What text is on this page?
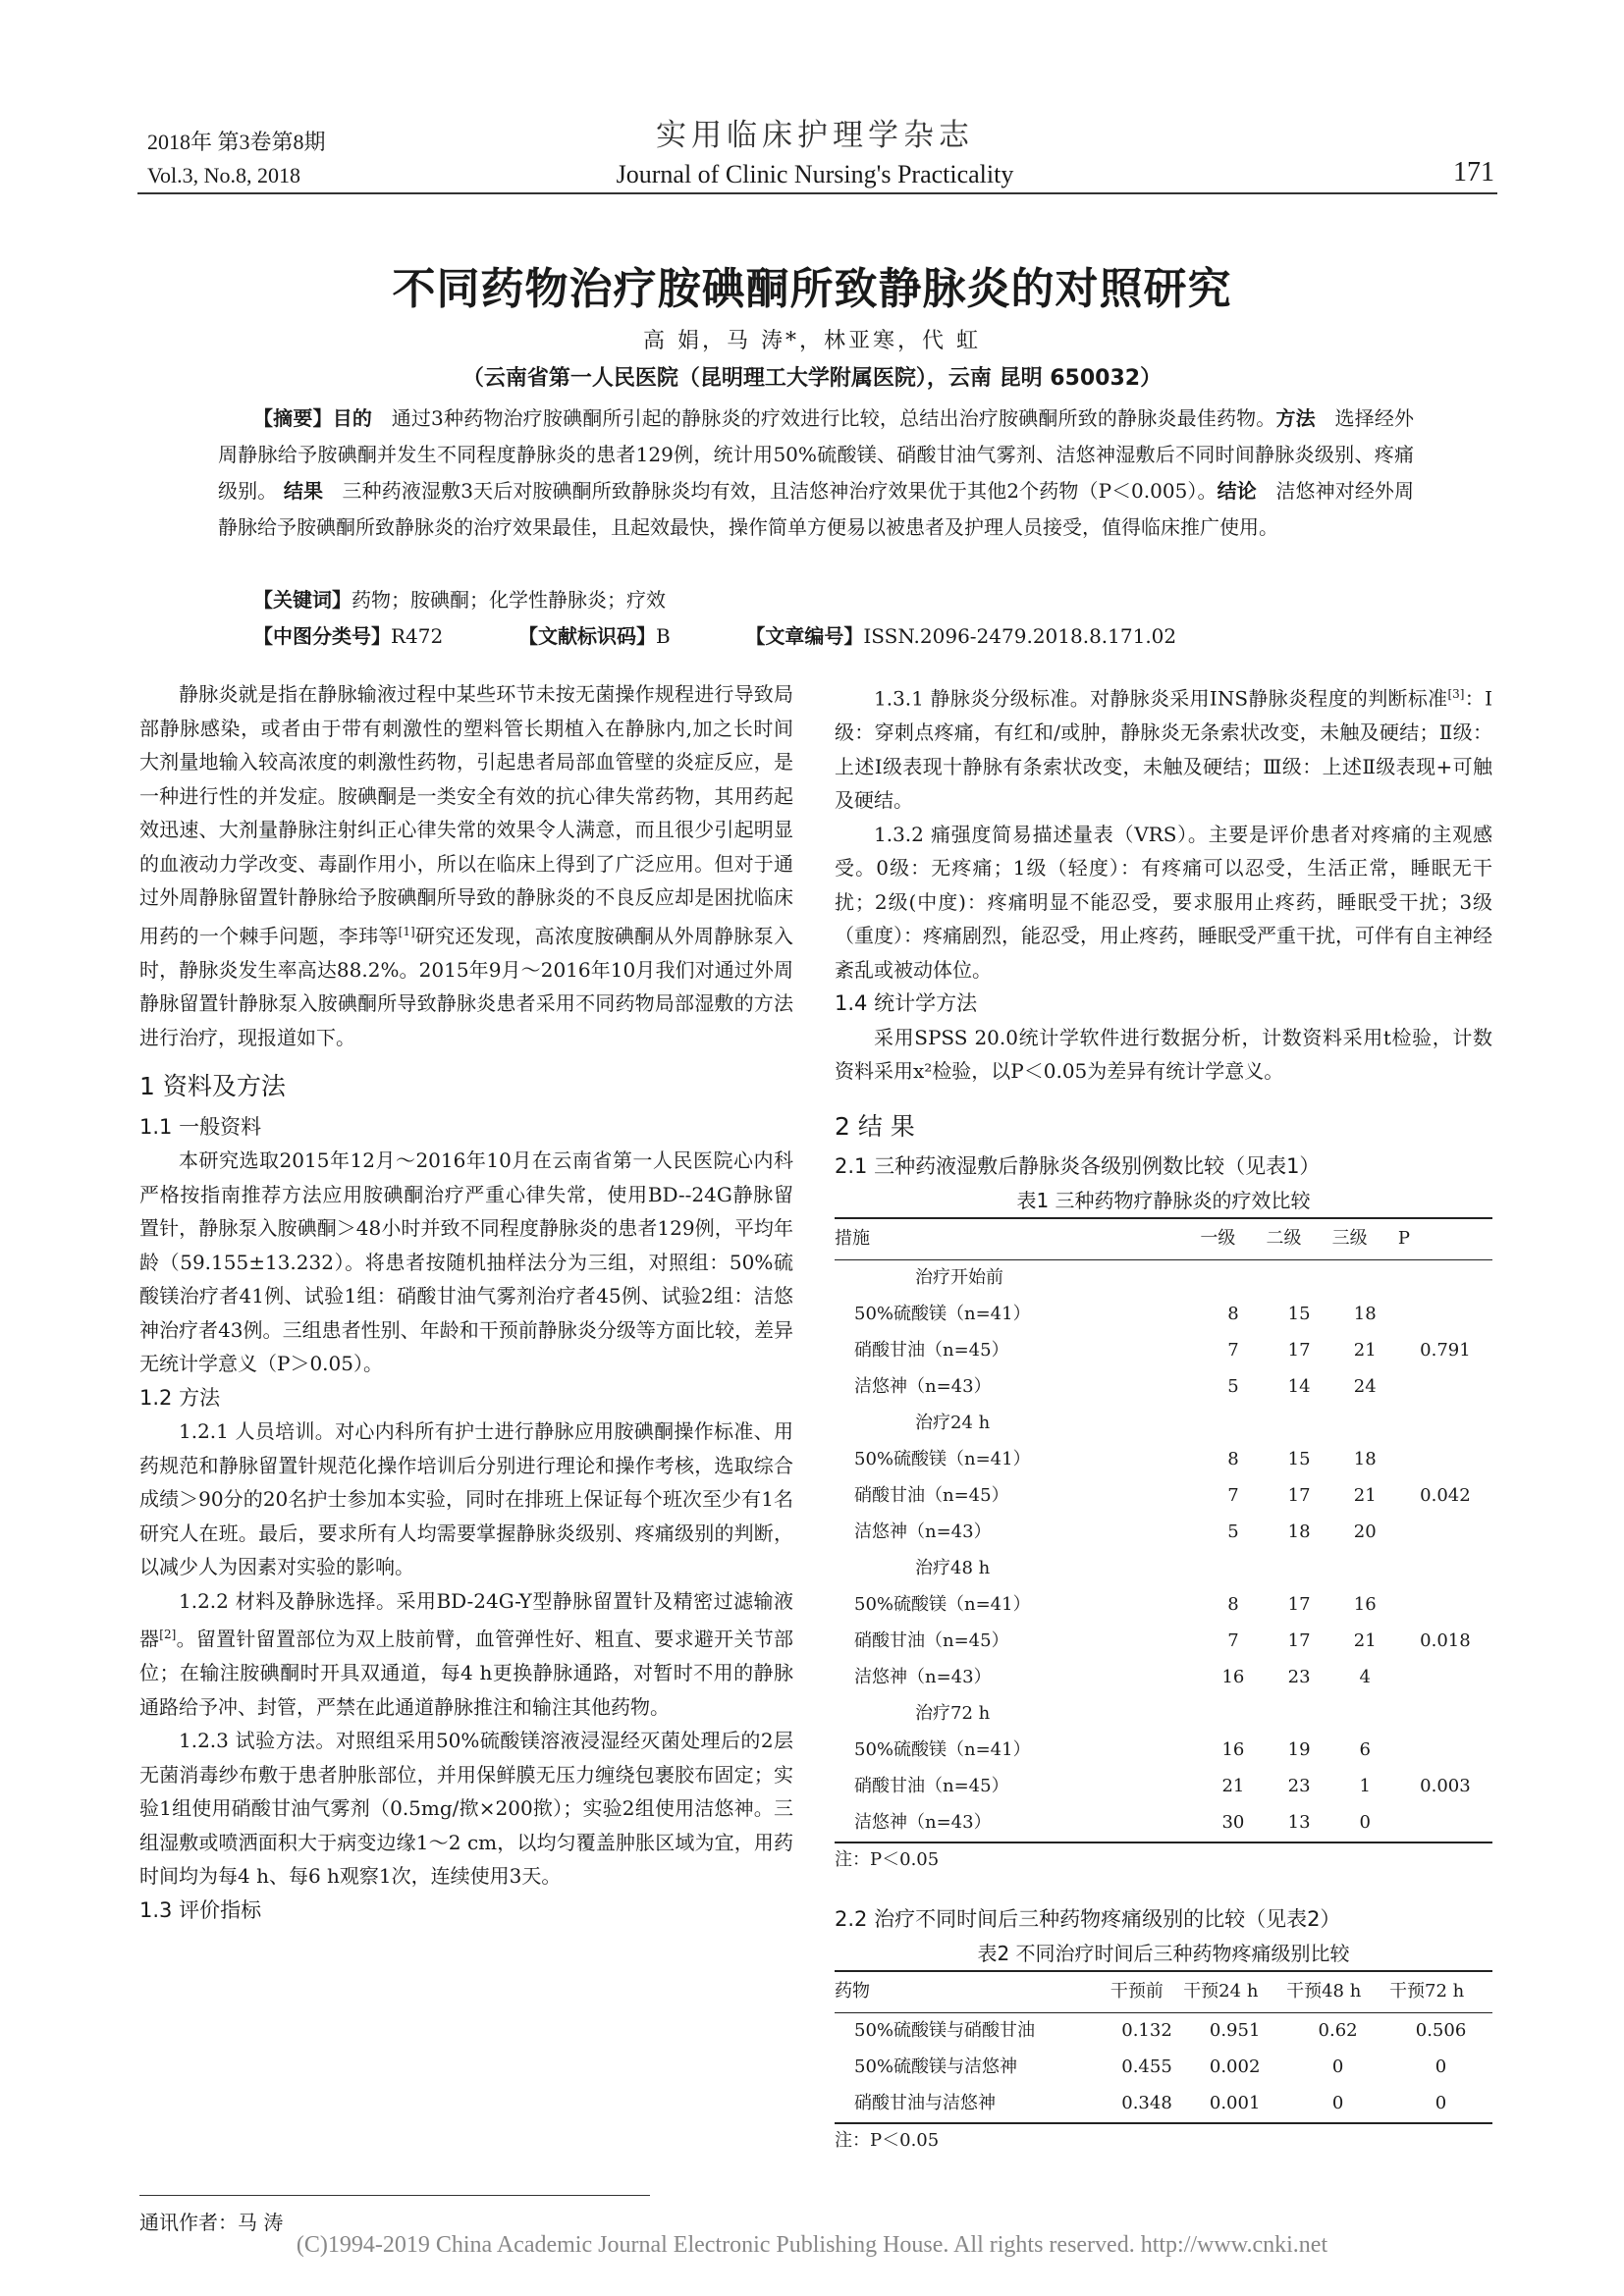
2018年 第3卷第8期
Vol.3, No.8, 2018
实用临床护理学杂志
Journal of Clinic Nursing's Practicality	171
不同药物治疗胺碘酮所致静脉炎的对照研究
高 娟，马 涛*，林亚寒，代 虹
（云南省第一人民医院（昆明理工大学附属医院），云南 昆明 650032）
【摘要】目的 通过3种药物治疗胺碘酮所引起的静脉炎的疗效进行比较，总结出治疗胺碘酮所致的静脉炎最佳药物。方法 选择经外周静脉给予胺碘酮并发生不同程度静脉炎的患者129例，统计用50%硫酸镁、硝酸甘油气雾剂、洁悠神湿敷后不同时间静脉炎级别、疼痛级别。 结果 三种药液湿敷3天后对胺碘酮所致静脉炎均有效，且洁悠神治疗效果优于其他2个药物（P＜0.005）。结论 洁悠神对经外周静脉给予胺碘酮所致静脉炎的治疗效果最佳，且起效最快，操作简单方便易以被患者及护理人员接受，值得临床推广使用。
【关键词】药物；胺碘酮；化学性静脉炎；疗效
【中图分类号】R472	【文献标识码】B	【文章编号】ISSN.2096-2479.2018.8.171.02

静脉炎就是指在静脉输液过程中某些环节未按无菌操作规程进行导致局部静脉感染，或者由于带有刺激性的塑料管长期植入在静脉内,加之长时间大剂量地输入较高浓度的刺激性药物，引起患者局部血管壁的炎症反应，是一种进行性的并发症。胺碘酮是一类安全有效的抗心律失常药物，其用药起效迅速、大剂量静脉注射纠正心律失常的效果令人满意，而且很少引起明显的血液动力学改变、毒副作用小，所以在临床上得到了广泛应用。但对于通过外周静脉留置针静脉给予胺碘酮所导致的静脉炎的不良反应却是困扰临床用药的一个棘手问题，李玮等[1]研究还发现，高浓度胺碘酮从外周静脉泵入时，静脉炎发生率高达88.2%。2015年9月～2016年10月我们对通过外周静脉留置针静脉泵入胺碘酮所导致静脉炎患者采用不同药物局部湿敷的方法进行治疗，现报道如下。

1 资料及方法
1.1 一般资料

本研究选取2015年12月～2016年10月在云南省第一人民医院心内科严格按指南推荐方法应用胺碘酮治疗严重心律失常，使用BD--24G静脉留置针，静脉泵入胺碘酮＞48小时并致不同程度静脉炎的患者129例，平均年龄（59.155±13.232）。将患者按随机抽样法分为三组，对照组：50%硫酸镁治疗者41例、试验1组：硝酸甘油气雾剂治疗者45例、试验2组：洁悠神治疗者43例。三组患者性别、年龄和干预前静脉炎分级等方面比较，差异无统计学意义（P＞0.05）。

1.2 方法

1.2.1 人员培训。对心内科所有护士进行静脉应用胺碘酮操作标准、用药规范和静脉留置针规范化操作培训后分别进行理论和操作考核，选取综合成绩＞90分的20名护士参加本实验，同时在排班上保证每个班次至少有1名研究人在班。最后，要求所有人均需要掌握静脉炎级别、疼痛级别的判断，以减少人为因素对实验的影响。

1.2.2 材料及静脉选择。采用BD-24G-Y型静脉留置针及精密过滤输液器[2]。留置针留置部位为双上肢前臂，血管弹性好、粗直、要求避开关节部位；在输注胺碘酮时开具双通道，每4 h更换静脉通路，对暂时不用的静脉通路给予冲、封管，严禁在此通道静脉推注和输注其他药物。

1.2.3 试验方法。对照组采用50%硫酸镁溶液浸湿经灭菌处理后的2层无菌消毒纱布敷于患者肿胀部位，并用保鲜膜无压力缠绕包裹胶布固定；实验1组使用硝酸甘油气雾剂（0.5mg/揿×200揿）；实验2组使用洁悠神。三组湿敷或喷洒面积大于病变边缘1～2 cm，以均匀覆盖肿胀区域为宜，用药时间均为每4 h、每6 h观察1次，连续使用3天。

1.3 评价指标

1.3.1 静脉炎分级标准。对静脉炎采用INS静脉炎程度的判断标准[3]：Ⅰ级：穿刺点疼痛，有红和/或肿，静脉炎无条索状改变，未触及硬结；Ⅱ级：上述Ⅰ级表现十静脉有条索状改变，未触及硬结；Ⅲ级：上述Ⅱ级表现+可触及硬结。

1.3.2 痛强度简易描述量表（VRS）。主要是评价患者对疼痛的主观感受。0级：无疼痛；1级（轻度）：有疼痛可以忍受，生活正常，睡眠无干扰；2级(中度)：疼痛明显不能忍受，要求服用止疼药，睡眠受干扰；3级（重度）：疼痛剧烈，能忍受，用止疼药，睡眠受严重干扰，可伴有自主神经紊乱或被动体位。

1.4 统计学方法

采用SPSS 20.0统计学软件进行数据分析，计数资料采用t检验，计数资料采用x²检验，以P＜0.05为差异有统计学意义。

2 结 果
2.1 三种药液湿敷后静脉炎各级别例数比较（见表1）
表1 三种药物疗静脉炎的疗效比较
措施	一级	二级	三级	P
治疗开始前				
50%硫酸镁（n=41）	8	15	18	
硝酸甘油（n=45）	7	17	21	0.791
洁悠神（n=43）	5	14	24	
治疗24 h				
50%硫酸镁（n=41）	8	15	18	
硝酸甘油（n=45）	7	17	21	0.042
洁悠神（n=43）	5	18	20	
治疗48 h				
50%硫酸镁（n=41）	8	17	16	
硝酸甘油（n=45）	7	17	21	0.018
洁悠神（n=43）	16	23	4	
治疗72 h				
50%硫酸镁（n=41）	16	19	6	
硝酸甘油（n=45）	21	23	1	0.003
洁悠神（n=43）	30	13	0	
注：P＜0.05
2.2 治疗不同时间后三种药物疼痛级别的比较（见表2）
表2 不同治疗时间后三种药物疼痛级别比较
药物	干预前	干预24 h	干预48 h	干预72 h
50%硫酸镁与硝酸甘油	0.132	0.951	0.62	0.506
50%硫酸镁与洁悠神	0.455	0.002	0	0
硝酸甘油与洁悠神	0.348	0.001	0	0
注：P＜0.05
通讯作者：马 涛
(C)1994-2019 China Academic Journal Electronic Publishing House. All rights reserved. http://www.cnki.net
